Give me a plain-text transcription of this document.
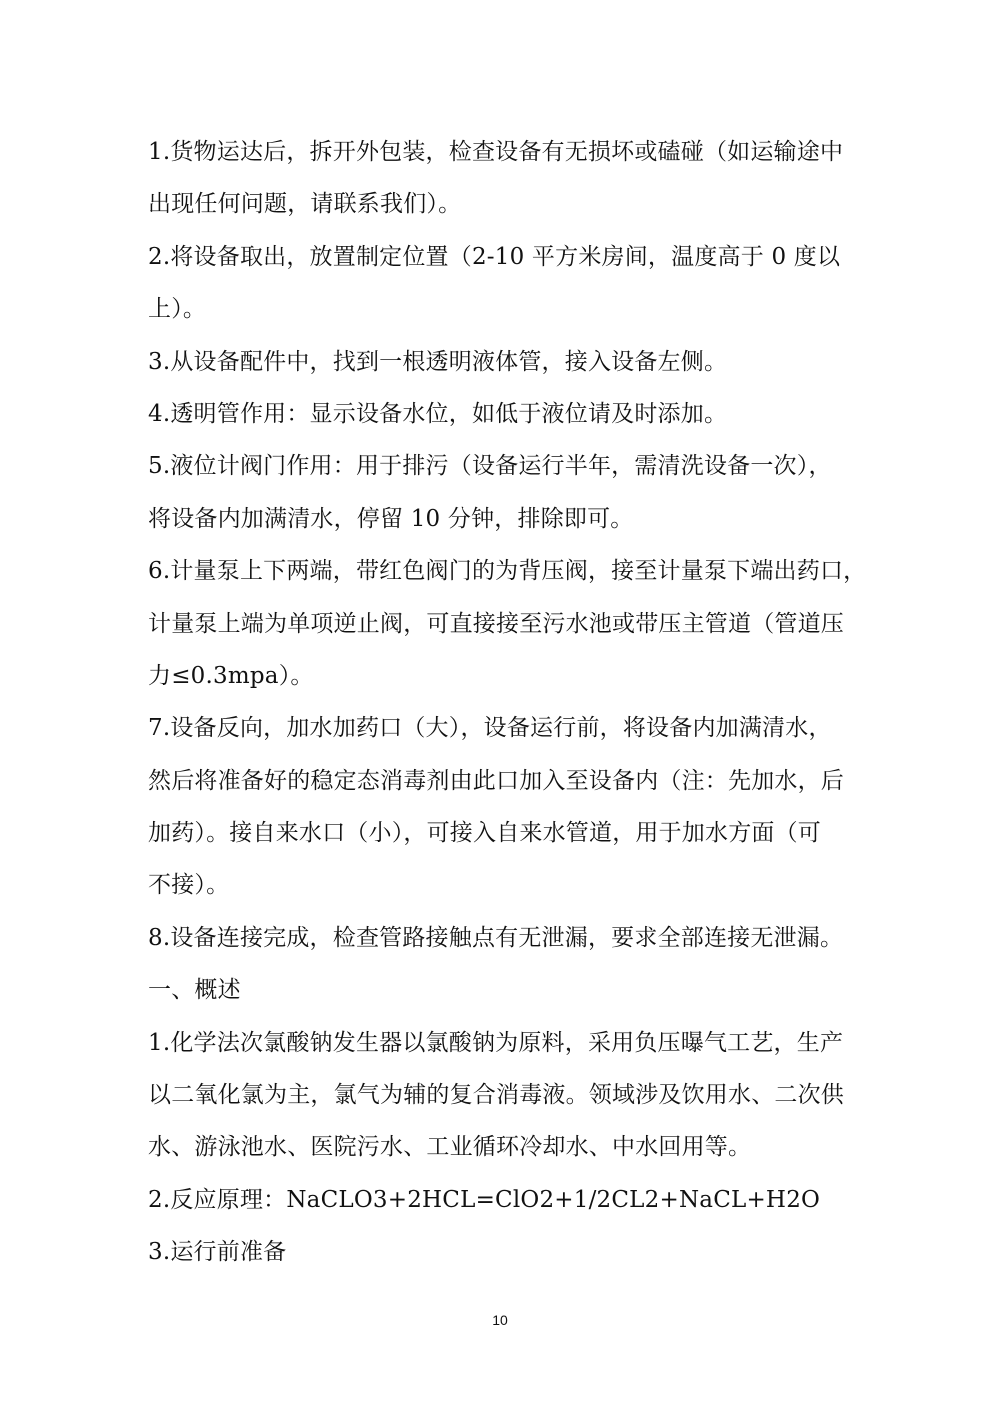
1.货物运达后，拆开外包装，检查设备有无损坏或磕碰（如运输途中
出现任何问题，请联系我们）。
2.将设备取出，放置制定位置（2-10 平方米房间，温度高于 0 度以
上）。
3.从设备配件中，找到一根透明液体管，接入设备左侧。
4.透明管作用：显示设备水位，如低于液位请及时添加。
5.液位计阀门作用：用于排污（设备运行半年，需清洗设备一次），
将设备内加满清水，停留 10 分钟，排除即可。
6.计量泵上下两端，带红色阀门的为背压阀，接至计量泵下端出药口，
计量泵上端为单项逆止阀，可直接接至污水池或带压主管道（管道压
力≤0.3mpa）。
7.设备反向，加水加药口（大），设备运行前，将设备内加满清水，
然后将准备好的稳定态消毒剂由此口加入至设备内（注：先加水，后
加药）。接自来水口（小），可接入自来水管道，用于加水方面（可
不接）。
8.设备连接完成，检查管路接触点有无泄漏，要求全部连接无泄漏。
一、概述
1.化学法次氯酸钠发生器以氯酸钠为原料，采用负压曝气工艺，生产
以二氧化氯为主，氯气为辅的复合消毒液。领域涉及饮用水、二次供
水、游泳池水、医院污水、工业循环冷却水、中水回用等。
2.反应原理：NaCLO3+2HCL=ClO2+1/2CL2+NaCL+H2O
3.运行前准备
10
